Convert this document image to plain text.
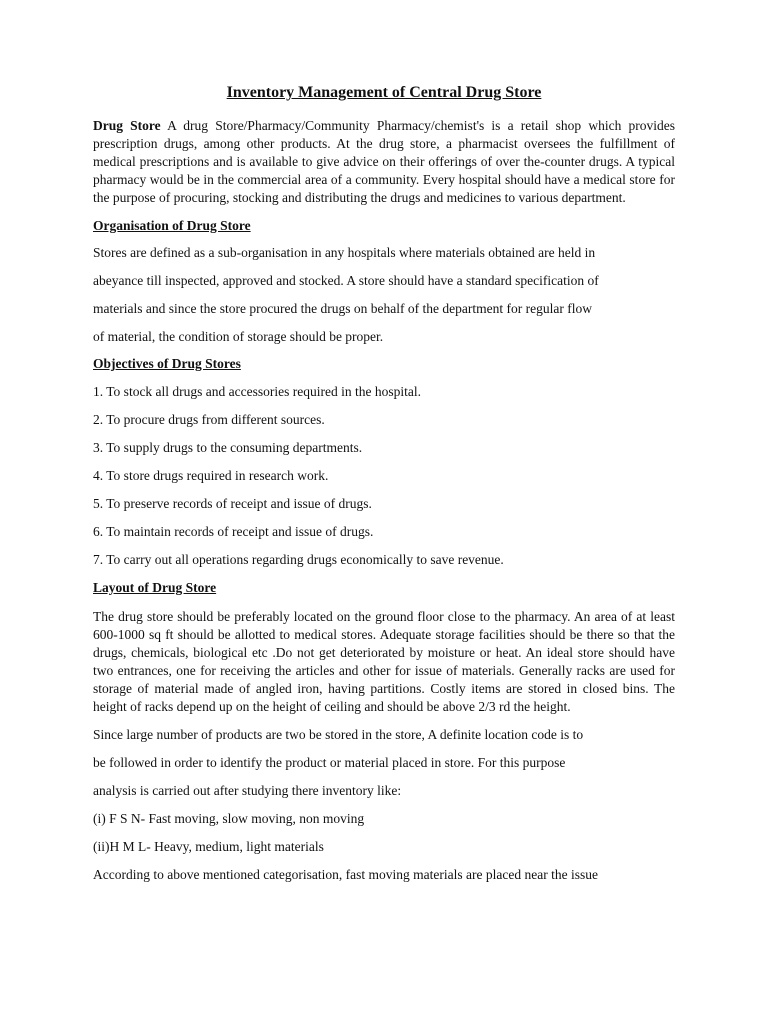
Inventory Management of Central Drug Store

Drug Store A drug Store/Pharmacy/Community Pharmacy/chemist's is a retail shop which provides prescription drugs, among other products. At the drug store, a pharmacist oversees the fulfillment of medical prescriptions and is available to give advice on their offerings of over the-counter drugs. A typical pharmacy would be in the commercial area of a community. Every hospital should have a medical store for the purpose of procuring, stocking and distributing the drugs and medicines to various department.

Organisation of Drug Store

Stores are defined as a sub-organisation in any hospitals where materials obtained are held in
abeyance till inspected, approved and stocked. A store should have a standard specification of
materials and since the store procured the drugs on behalf of the department for regular flow
of material, the condition of storage should be proper.

Objectives of Drug Stores

1. To stock all drugs and accessories required in the hospital.

2. To procure drugs from different sources.

3. To supply drugs to the consuming departments.

4. To store drugs required in research work.

5. To preserve records of receipt and issue of drugs.

6. To maintain records of receipt and issue of drugs.

7. To carry out all operations regarding drugs economically to save revenue.

Layout of Drug Store

The drug store should be preferably located on the ground floor close to the pharmacy. An area of at least 600-1000 sq ft should be allotted to medical stores. Adequate storage facilities should be there so that the drugs, chemicals, biological etc .Do not get deteriorated by moisture or heat. An ideal store should have two entrances, one for receiving the articles and other for issue of materials. Generally racks are used for storage of material made of angled iron, having partitions. Costly items are stored in closed bins. The height of racks depend up on the height of ceiling and should be above 2/3 rd the height.

Since large number of products are two be stored in the store, A definite location code is to
be followed in order to identify the product or material placed in store. For this purpose
analysis is carried out after studying there inventory like:
(i) F S N- Fast moving, slow moving, non moving
(ii)H M L- Heavy, medium, light materials
According to above mentioned categorisation, fast moving materials are placed near the issue
